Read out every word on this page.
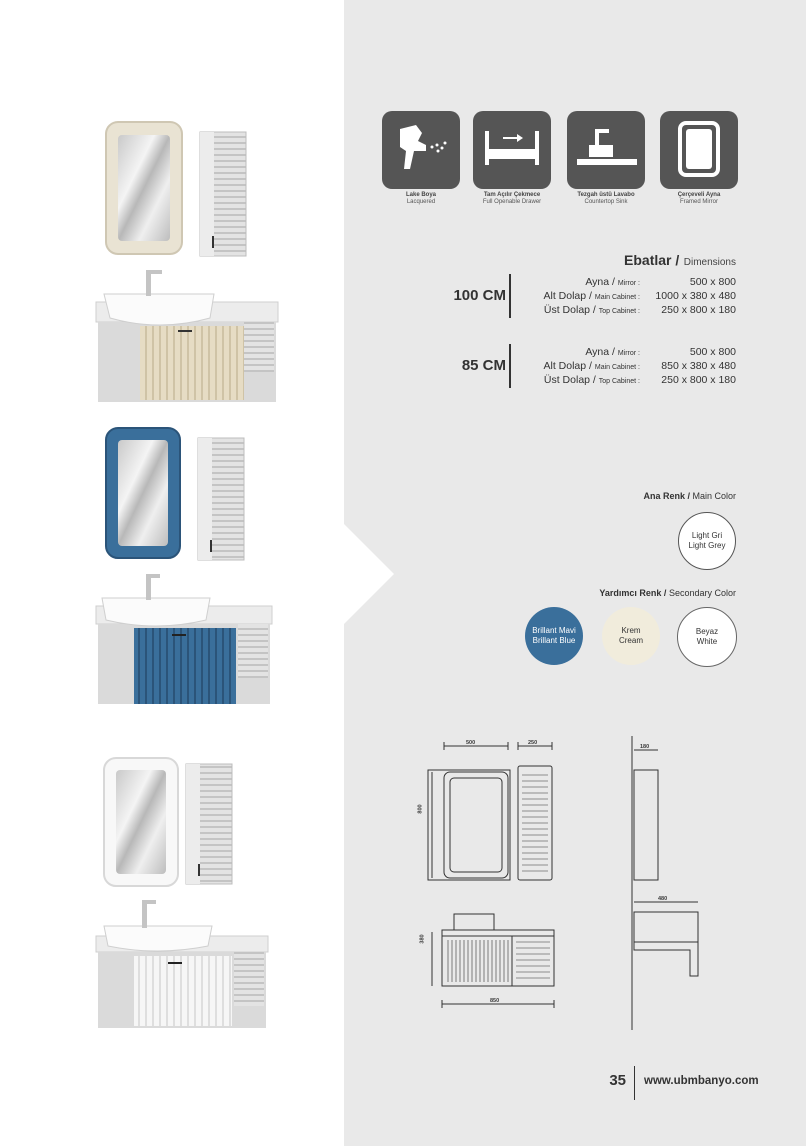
Lake Boya
Lacquered
Tam Açılır Çekmece
Full Openable Drawer
Tezgah üstü Lavabo
Countertop Sink
Çerçeveli Ayna
Framed Mirror
Ebatlar / Dimensions
100 CM
Ayna / Mirror :	500 x 800
Alt Dolap / Main Cabinet :	1000 x 380 x 480
Üst Dolap / Top Cabinet :	250 x 800 x 180
85 CM
Ayna / Mirror :	500 x 800
Alt Dolap / Main Cabinet :	850 x 380 x 480
Üst Dolap / Top Cabinet :	250 x 800 x 180
Ana Renk / Main Color
Light Gri
Light Grey
Yardımcı Renk / Secondary Color
Brillant Mavi
Brillant Blue
Krem
Cream
Beyaz
White
500	250
180
800
480
380
850
35 www.ubmbanyo.com
